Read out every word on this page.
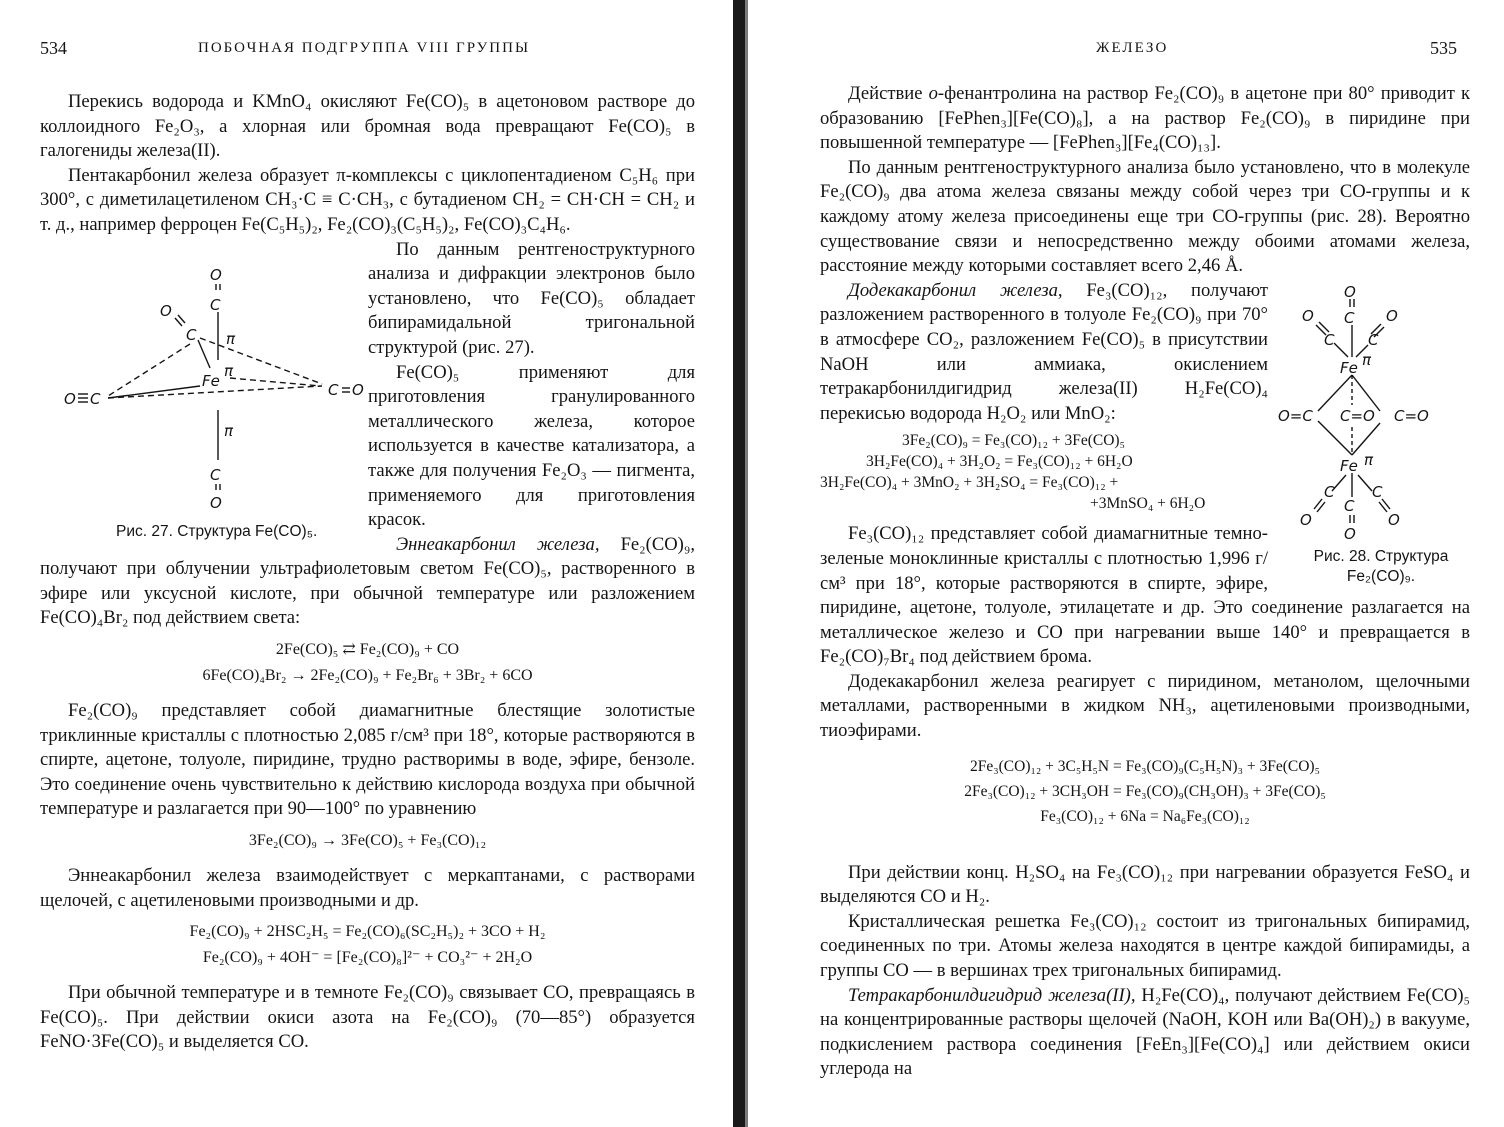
534	ПОБОЧНАЯ ПОДГРУППА VIII ГРУППЫ

Перекись водорода и KMnO₄ окисляют Fe(CO)₅ в ацетоновом растворе до коллоидного Fe₂O₃, а хлорная или бромная вода превращают Fe(CO)₅ в галогениды железа(II).

Пентакарбонил железа образует π-комплексы с циклопентадиеном C₅H₆ при 300°, с диметилацетиленом CH₃·C ≡ C·CH₃, с бутадиеном CH₂ = CH·CH = CH₂ и т. д., например ферроцен Fe(C₅H₅)₂, Fe₂(CO)₃(C₅H₅)₂, Fe(CO)₃C₄H₆.

O
C
π
O
C
Fe
π
C O
O C
π
C
O
Рис. 27. Структура Fe(CO)₅.

По данным рентгеноструктурного анализа и дифракции электронов было установлено, что Fe(CO)₅ обладает бипирамидальной тригональной структурой (рис. 27).

Fe(CO)₅ применяют для приготовления гранулированного металлического железа, которое используется в качестве катализатора, а также для получения Fe₂O₃ — пигмента, применяемого для приготовления красок.

Эннеакарбонил железа, Fe₂(CO)₉, получают при облучении ультрафиолетовым светом Fe(CO)₅, растворенного в эфире или уксусной кислоте, при обычной температуре или разложением Fe(CO)₄Br₂ под действием света:

2Fe(CO)₅ ⇄ Fe₂(CO)₉ + CO
6Fe(CO)₄Br₂ → 2Fe₂(CO)₉ + Fe₂Br₆ + 3Br₂ + 6CO

Fe₂(CO)₉ представляет собой диамагнитные блестящие золотистые триклинные кристаллы с плотностью 2,085 г/см³ при 18°, которые растворяются в спирте, ацетоне, толуоле, пиридине, трудно растворимы в воде, эфире, бензоле. Это соединение очень чувствительно к действию кислорода воздуха при обычной температуре и разлагается при 90—100° по уравнению

3Fe₂(CO)₉ → 3Fe(CO)₅ + Fe₃(CO)₁₂

Эннеакарбонил железа взаимодействует с меркаптанами, с растворами щелочей, с ацетиленовыми производными и др.

Fe₂(CO)₉ + 2HSC₂H₅ = Fe₂(CO)₆(SC₂H₅)₂ + 3CO + H₂
Fe₂(CO)₉ + 4OH⁻ = [Fe₂(CO)₈]²⁻ + CO₃²⁻ + 2H₂O

При обычной температуре и в темноте Fe₂(CO)₉ связывает CO, превращаясь в Fe(CO)₅. При действии окиси азота на Fe₂(CO)₉ (70—85°) образуется FeNO·3Fe(CO)₅ и выделяется CO.

ЖЕЛЕЗО	535

Действие о-фенантролина на раствор Fe₂(CO)₉ в ацетоне при 80° приводит к образованию [FePhen₃][Fe(CO)₈], а на раствор Fe₂(CO)₉ в пиридине при повышенной температуре — [FePhen₃][Fe₄(CO)₁₃].

По данным рентгеноструктурного анализа было установлено, что в молекуле Fe₂(CO)₉ два атома железа связаны между собой через три CO-группы и к каждому атому железа присоединены еще три CO-группы (рис. 28). Вероятно существование связи и непосредственно между обоими атомами железа, расстояние между которыми составляет всего 2,46 Å.

O
O	O
C
C C
Fe π
O=C C=O C=O
Fe π
C
C
C
O
O
O
Рис. 28. Структура Fe₂(CO)₉.

Додекакарбонил железа, Fe₃(CO)₁₂, получают разложением растворенного в толуоле Fe₂(CO)₉ при 70° в атмосфере CO₂, разложением Fe(CO)₅ в присутствии NaOH или аммиака, окислением тетракарбонилдигидрид железа(II) H₂Fe(CO)₄ перекисью водорода H₂O₂ или MnO₂:

3Fe₂(CO)₉ = Fe₃(CO)₁₂ + 3Fe(CO)₅
3H₂Fe(CO)₄ + 3H₂O₂ = Fe₃(CO)₁₂ + 6H₂O
3H₂Fe(CO)₄ + 3MnO₂ + 3H₂SO₄ = Fe₃(CO)₁₂ +
+3MnSO₄ + 6H₂O

Fe₃(CO)₁₂ представляет собой диамагнитные темно-зеленые моноклинные кристаллы с плотностью 1,996 г/см³ при 18°, которые растворяются в спирте, эфире, пиридине, ацетоне, толуоле, этилацетате и др. Это соединение разлагается на металлическое железо и CO при нагревании выше 140° и превращается в Fe₂(CO)₇Br₄ под действием брома.

Додекакарбонил железа реагирует с пиридином, метанолом, щелочными металлами, растворенными в жидком NH₃, ацетиленовыми производными, тиоэфирами.

2Fe₃(CO)₁₂ + 3C₅H₅N = Fe₃(CO)₉(C₅H₅N)₃ + 3Fe(CO)₅
2Fe₃(CO)₁₂ + 3CH₃OH = Fe₃(CO)₉(CH₃OH)₃ + 3Fe(CO)₅
Fe₃(CO)₁₂ + 6Na = Na₆Fe₃(CO)₁₂

При действии конц. H₂SO₄ на Fe₃(CO)₁₂ при нагревании образуется FeSO₄ и выделяются CO и H₂.

Кристаллическая решетка Fe₃(CO)₁₂ состоит из тригональных бипирамид, соединенных по три. Атомы железа находятся в центре каждой бипирамиды, а группы CO — в вершинах трех тригональных бипирамид.

Тетракарбонилдигидрид железа(II), H₂Fe(CO)₄, получают действием Fe(CO)₅ на концентрированные растворы щелочей (NaOH, KOH или Ba(OH)₂) в вакууме, подкислением раствора соединения [FeEn₃][Fe(CO)₄] или действием окиси углерода на
